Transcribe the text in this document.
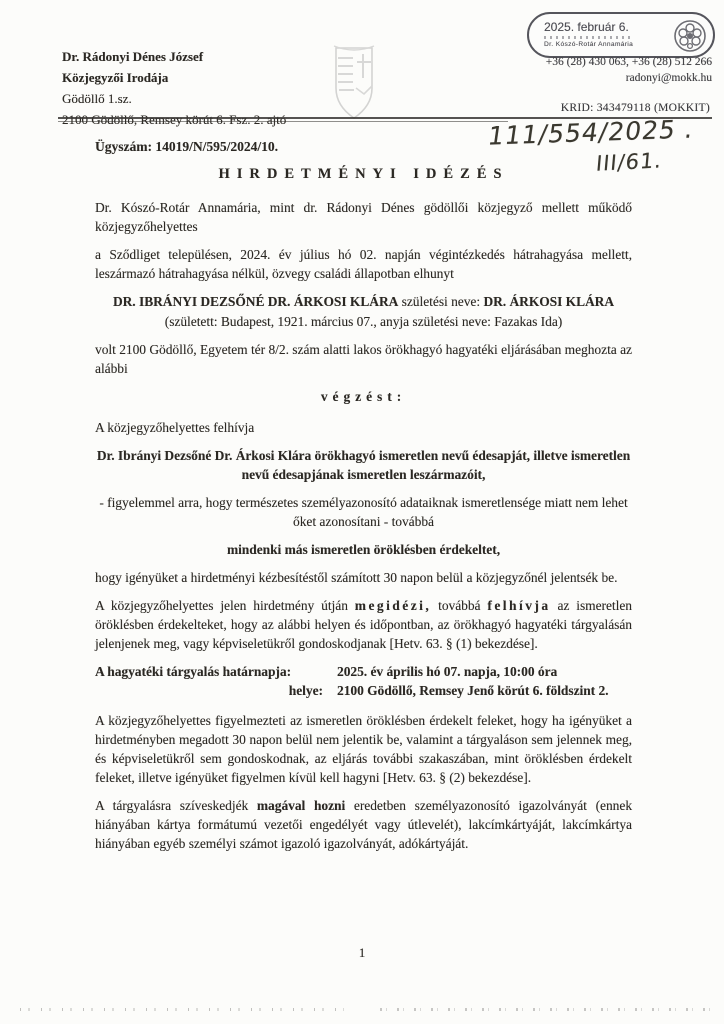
Dr. Rádonyi Dénes József
Közjegyzői Irodája
Gödöllő 1.sz.
2100 Gödöllő, Remsey körút 6. Fsz. 2. ajtó
2025. február 6.
Dr. Kószó-Rotár Annamária
+36 (28) 430 063, +36 (28) 512 266
radonyi@mokk.hu
KRID: 343479118 (MOKKIT)
111/554/2025 .
III/61.
Ügyszám: 14019/N/595/2024/10.
HIRDETMÉNYI IDÉZÉS

Dr. Kószó-Rotár Annamária, mint dr. Rádonyi Dénes gödöllői közjegyző mellett működő közjegyzőhelyettes

a Sződliget településen, 2024. év július hó 02. napján végintézkedés hátrahagyása mellett, leszármazó hátrahagyása nélkül, özvegy családi állapotban elhunyt

DR. IBRÁNYI DEZSŐNÉ DR. ÁRKOSI KLÁRA születési neve: DR. ÁRKOSI KLÁRA

(született: Budapest, 1921. március 07., anyja születési neve: Fazakas Ida)

volt 2100 Gödöllő, Egyetem tér 8/2. szám alatti lakos örökhagyó hagyatéki eljárásában meghozta az alábbi

végzést:

A közjegyzőhelyettes felhívja

Dr. Ibrányi Dezsőné Dr. Árkosi Klára örökhagyó ismeretlen nevű édesapját, illetve ismeretlen nevű édesapjának ismeretlen leszármazóit,

- figyelemmel arra, hogy természetes személyazonosító adataiknak ismeretlensége miatt nem lehet őket azonosítani - továbbá

mindenki más ismeretlen öröklésben érdekeltet,

hogy igényüket a hirdetményi kézbesítéstől számított 30 napon belül a közjegyzőnél jelentsék be.

A közjegyzőhelyettes jelen hirdetmény útján megidézi, továbbá felhívja az ismeretlen öröklésben érdekelteket, hogy az alábbi helyen és időpontban, az örökhagyó hagyatéki tárgyalásán jelenjenek meg, vagy képviseletükről gondoskodjanak [Hetv. 63. § (1) bekezdése].

A hagyatéki tárgyalás határnapja:	2025. év április hó 07. napja, 10:00 óra
helye: 2100 Gödöllő, Remsey Jenő körút 6. földszint 2.

A közjegyzőhelyettes figyelmezteti az ismeretlen öröklésben érdekelt feleket, hogy ha igényüket a hirdetményben megadott 30 napon belül nem jelentik be, valamint a tárgyaláson sem jelennek meg, és képviseletükről sem gondoskodnak, az eljárás további szakaszában, mint öröklésben érdekelt feleket, illetve igényüket figyelmen kívül kell hagyni [Hetv. 63. § (2) bekezdése].

A tárgyalásra szíveskedjék magával hozni eredetben személyazonosító igazolványát (ennek hiányában kártya formátumú vezetői engedélyét vagy útlevelét), lakcímkártyáját, lakcímkártya hiányában egyéb személyi számot igazoló igazolványát, adókártyáját.

1
